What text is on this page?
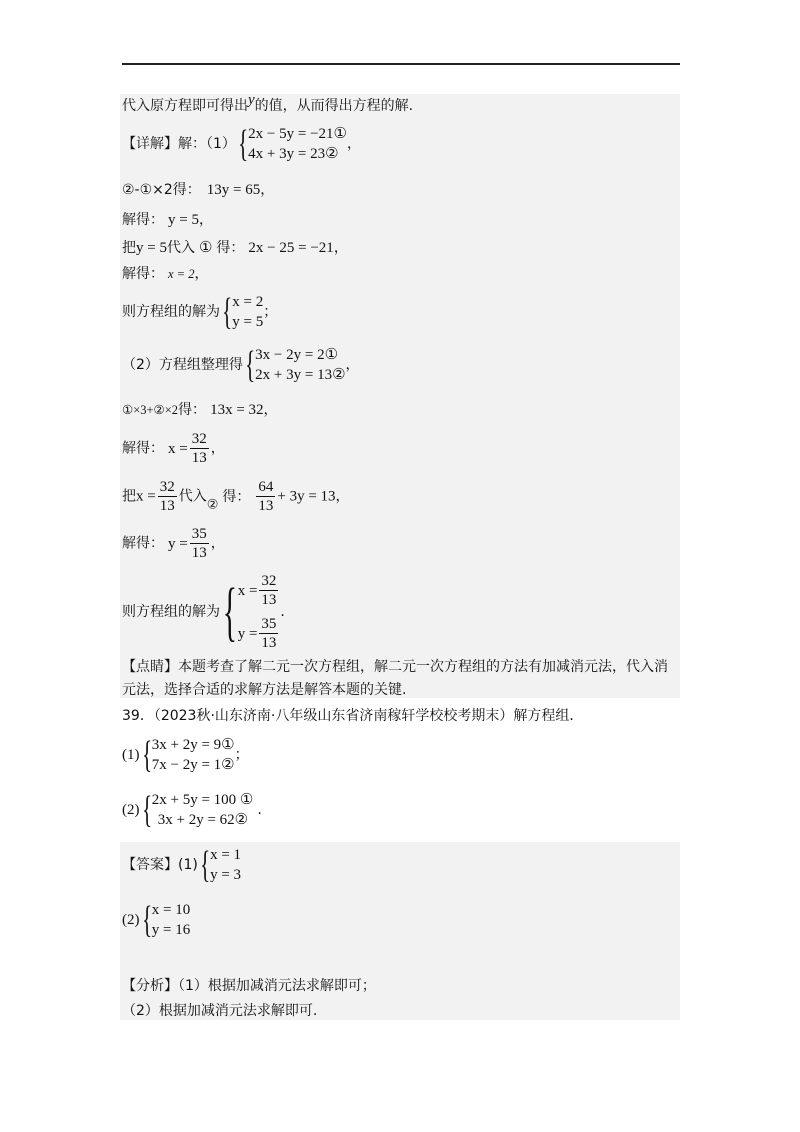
代入原方程即可得出y的值，从而得出方程的解.
【详解】解：（1） { 2x − 5y = −21①
4x + 3y = 23②
，
②-①×2得： 13y = 65，
解得： y = 5，
把y = 5代入 ① 得： 2x − 25 = −21，
解得： x = 2，
则方程组的解为 { x = 2
y = 5
；
（2）方程组整理得 { 3x − 2y = 2①
2x + 3y = 13②
，
①×3+②×2得： 13x = 32，
解得： $x = \frac{32}{13}$ ，
把$x = \frac{32}{13}$ 代入② 得： $\frac{64}{13} + 3y = 13$，
解得： $y = \frac{35}{13}$ ，
则方程组的解为 { $x = \frac{32}{13}$
$y = \frac{35}{13}$
.
【点睛】本题考查了解二元一次方程组，解二元一次方程组的方法有加减消元法，代入消
元法，选择合适的求解方法是解答本题的关键.
39．（2023秋·山东济南·八年级山东省济南稼轩学校校考期末）解方程组．
(1) { 3x + 2y = 9①
7x − 2y = 1②
；
(2) { 2x + 5y = 100 ①
3x + 2y = 62②
.
【答案】(1) { x = 1
y = 3
(2) { x = 10
y = 16
【分析】（1）根据加减消元法求解即可；
（2）根据加减消元法求解即可.
